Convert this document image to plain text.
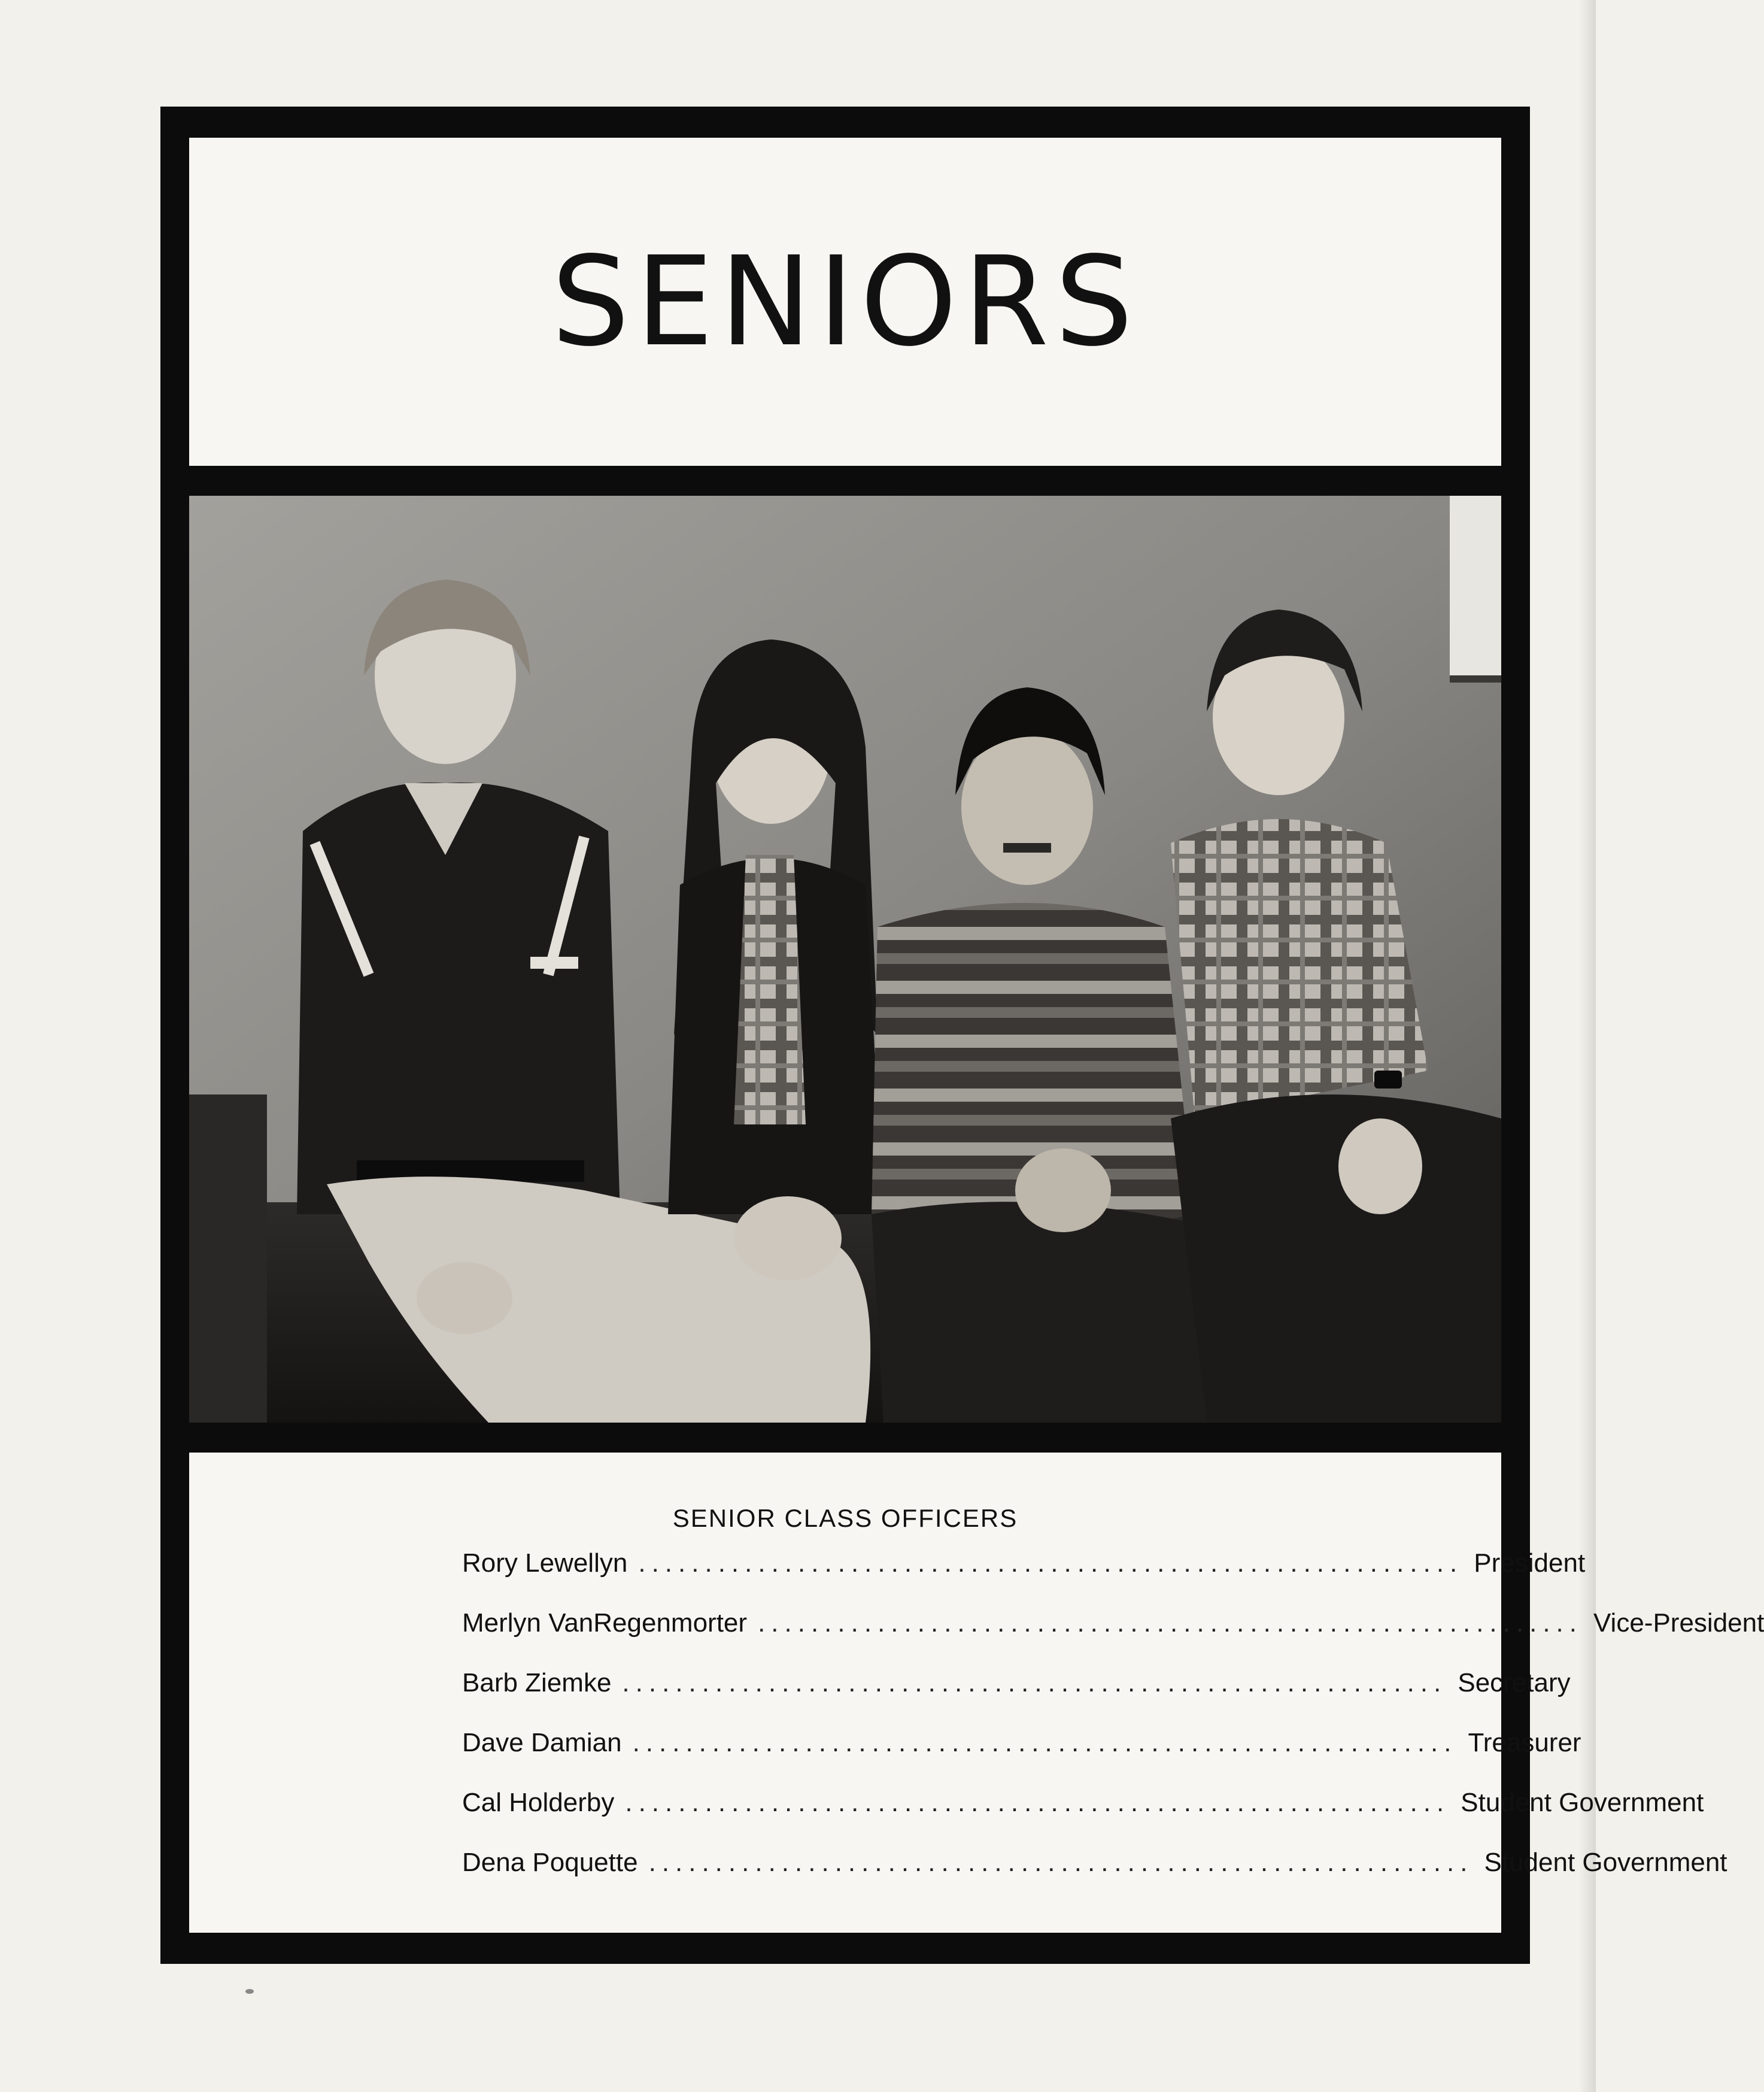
SENIORS
SENIOR CLASS OFFICERS
Rory Lewellyn .............................................................. President
Merlyn VanRegenmorter .............................................................. Vice-President
Barb Ziemke .............................................................. Secretary
Dave Damian .............................................................. Treasurer
Cal Holderby .............................................................. Student Government
Dena Poquette .............................................................. Student Government
